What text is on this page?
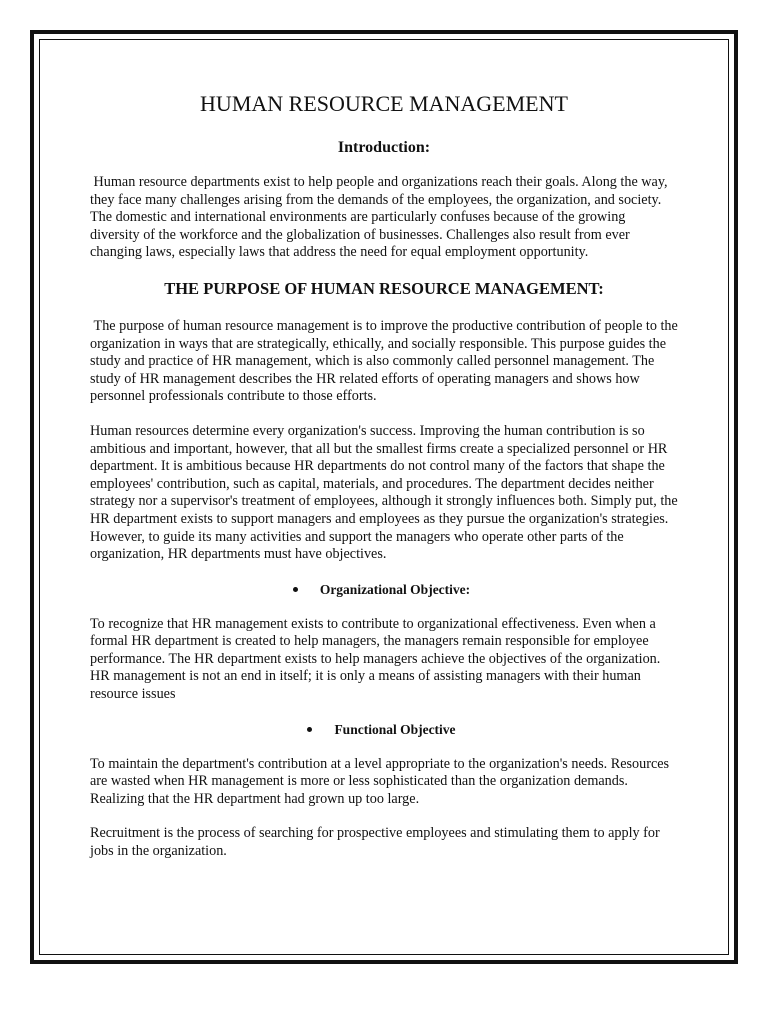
HUMAN RESOURCE MANAGEMENT
Introduction:

Human resource departments exist to help people and organizations reach their goals. Along the way, they face many challenges arising from the demands of the employees, the organization, and society. The domestic and international environments are particularly confuses because of the growing diversity of the workforce and the globalization of businesses. Challenges also result from ever changing laws, especially laws that address the need for equal employment opportunity.

THE PURPOSE OF HUMAN RESOURCE MANAGEMENT:

The purpose of human resource management is to improve the productive contribution of people to the organization in ways that are strategically, ethically, and socially responsible. This purpose guides the study and practice of HR management, which is also commonly called personnel management. The study of HR management describes the HR related efforts of operating managers and shows how personnel professionals contribute to those efforts.

Human resources determine every organization's success. Improving the human contribution is so ambitious and important, however, that all but the smallest firms create a specialized personnel or HR department. It is ambitious because HR departments do not control many of the factors that shape the employees' contribution, such as capital, materials, and procedures. The department decides neither strategy nor a supervisor's treatment of employees, although it strongly influences both. Simply put, the HR department exists to support managers and employees as they pursue the organization's strategies. However, to guide its many activities and support the managers who operate other parts of the organization, HR departments must have objectives.

Organizational Objective:

To recognize that HR management exists to contribute to organizational effectiveness. Even when a formal HR department is created to help managers, the managers remain responsible for employee performance. The HR department exists to help managers achieve the objectives of the organization. HR management is not an end in itself; it is only a means of assisting managers with their human resource issues

Functional Objective

To maintain the department's contribution at a level appropriate to the organization's needs. Resources are wasted when HR management is more or less sophisticated than the organization demands. Realizing that the HR department had grown up too large.

Recruitment is the process of searching for prospective employees and stimulating them to apply for jobs in the organization.
